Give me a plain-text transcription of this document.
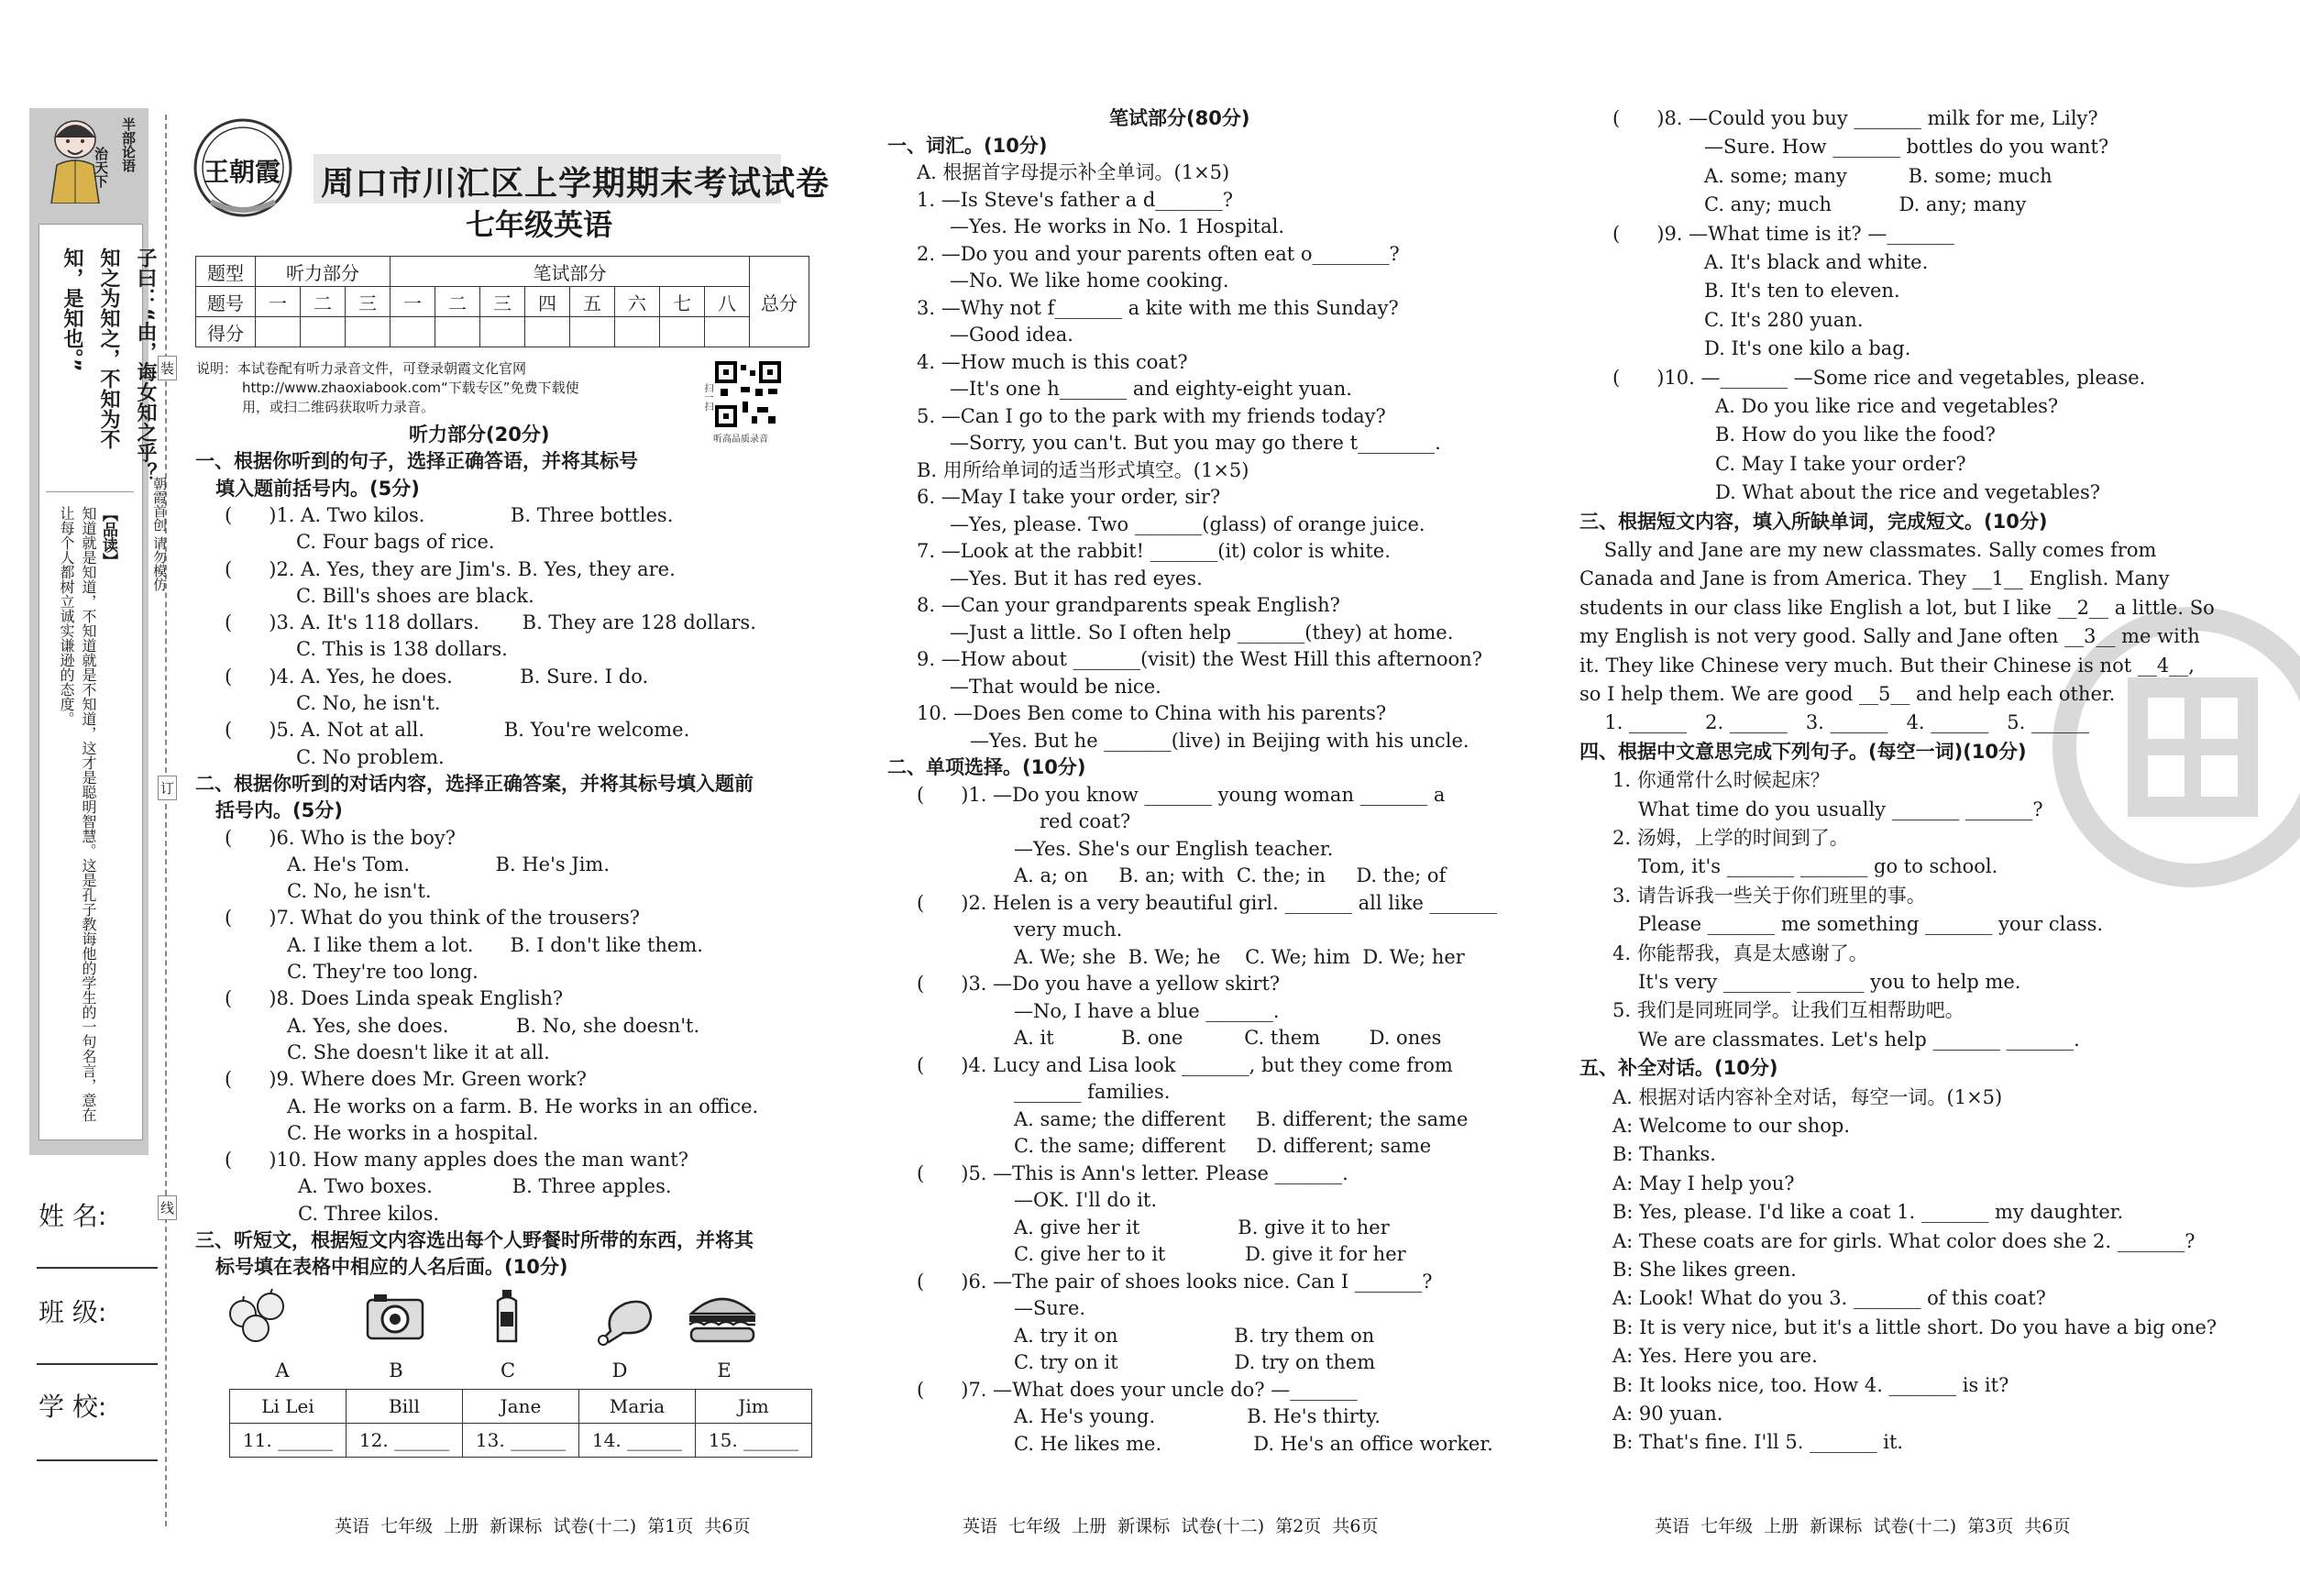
治天下 半部论语
子曰：“由，诲女知之乎？知之为知之，不知为不知，是知也。”
【品读】
知道就是知道，不知道就是不知道，这才是聪明智慧。这是孔子教诲他的学生的一句名言，意在让每个人都树立诚实谦逊的态度。
装
订
线
朝霞首创 请勿模仿
姓 名:
班 级:
学 校:
王朝霞 周口市川汇区上学期期末考试试卷
七年级英语
题型	听力部分			笔试部分								总分
题号	一	二	三	一	二	三	四	五	六	七	八	
得分												
说明：本试卷配有听力录音文件，可登录朝霞文化官网
http://www.zhaoxiabook.com“下载专区”免费下载使
用，或扫二维码获取听力录音。	扫一扫
听高品质录音
听力部分(20分)
一、根据你听到的句子，选择正确答语，并将其标号
填入题前括号内。(5分)
(      )1. A. Two kilos.              B. Three bottles.
C. Four bags of rice.
(      )2. A. Yes, they are Jim's. B. Yes, they are.
C. Bill's shoes are black.
(      )3. A. It's 118 dollars.       B. They are 128 dollars.
C. This is 138 dollars.
(      )4. A. Yes, he does.           B. Sure. I do.
C. No, he isn't.
(      )5. A. Not at all.             B. You're welcome.
C. No problem.
二、根据你听到的对话内容，选择正确答案，并将其标号填入题前
括号内。(5分)
(      )6. Who is the boy?
A. He's Tom.              B. He's Jim.
C. No, he isn't.
(      )7. What do you think of the trousers?
A. I like them a lot.      B. I don't like them.
C. They're too long.
(      )8. Does Linda speak English?
A. Yes, she does.           B. No, she doesn't.
C. She doesn't like it at all.
(      )9. Where does Mr. Green work?
A. He works on a farm. B. He works in an office.
C. He works in a hospital.
(      )10. How many apples does the man want?
A. Two boxes.             B. Three apples.
C. Three kilos.
三、听短文，根据短文内容选出每个人野餐时所带的东西，并将其
标号填在表格中相应的人名后面。(10分)
A	B	C	D	E
Li Lei	Bill	Jane	Maria	Jim
11. ______	12. ______	13. ______	14. ______	15. ______
笔试部分(80分)
一、词汇。(10分)
A. 根据首字母提示补全单词。(1×5)
1. —Is Steve's father a d_______?
—Yes. He works in No. 1 Hospital.
2. —Do you and your parents often eat o________?
—No. We like home cooking.
3. —Why not f_______ a kite with me this Sunday?
—Good idea.
4. —How much is this coat?
—It's one h_______ and eighty-eight yuan.
5. —Can I go to the park with my friends today?
—Sorry, you can't. But you may go there t________.
B. 用所给单词的适当形式填空。(1×5)
6. —May I take your order, sir?
—Yes, please. Two _______(glass) of orange juice.
7. —Look at the rabbit! _______(it) color is white.
—Yes. But it has red eyes.
8. —Can your grandparents speak English?
—Just a little. So I often help _______(they) at home.
9. —How about _______(visit) the West Hill this afternoon?
—That would be nice.
10. —Does Ben come to China with his parents?
—Yes. But he _______(live) in Beijing with his uncle.
二、单项选择。(10分)
(      )1. —Do you know _______ young woman _______ a
red coat?
—Yes. She's our English teacher.
A. a; on     B. an; with  C. the; in     D. the; of
(      )2. Helen is a very beautiful girl. _______ all like _______
very much.
A. We; she  B. We; he    C. We; him  D. We; her
(      )3. —Do you have a yellow skirt?
—No, I have a blue _______.
A. it           B. one          C. them        D. ones
(      )4. Lucy and Lisa look _______, but they come from
_______ families.
A. same; the different     B. different; the same
C. the same; different     D. different; same
(      )5. —This is Ann's letter. Please _______.
—OK. I'll do it.
A. give her it                B. give it to her
C. give her to it             D. give it for her
(      )6. —The pair of shoes looks nice. Can I _______?
—Sure.
A. try it on                   B. try them on
C. try on it                   D. try on them
(      )7. —What does your uncle do? —_______
A. He's young.               B. He's thirty.
C. He likes me.               D. He's an office worker.
(      )8. —Could you buy _______ milk for me, Lily?
—Sure. How _______ bottles do you want?
C. any; much           D. any; many
(      )9. —What time is it? —_______
A. It's black and white.
B. It's ten to eleven.
C. It's 280 yuan.
D. It's one kilo a bag.
(      )10. —_______ —Some rice and vegetables, please.
A. Do you like rice and vegetables?
B. How do you like the food?
C. May I take your order?
D. What about the rice and vegetables?
三、根据短文内容，填入所缺单词，完成短文。(10分)
Sally and Jane are my new classmates. Sally comes from
Canada and Jane is from America. They __1__ English. Many
students in our class like English a lot, but I like __2__ a little. So
my English is not very good. Sally and Jane often __3__ me with
it. They like Chinese very much. But their Chinese is not __4__,
so I help them. We are good __5__ and help each other.
1. ______   2. ______   3. ______   4. ______   5. ______
四、根据中文意思完成下列句子。(每空一词)(10分)
1. 你通常什么时候起床？
What time do you usually _______ _______?
2. 汤姆，上学的时间到了。
Tom, it's _______ _______ go to school.
3. 请告诉我一些关于你们班里的事。
Please _______ me something _______ your class.
4. 你能帮我，真是太感谢了。
It's very _______ _______ you to help me.
5. 我们是同班同学。让我们互相帮助吧。
We are classmates. Let's help _______ _______.
五、补全对话。(10分)
A. 根据对话内容补全对话，每空一词。(1×5)
A: Welcome to our shop.
B: Thanks.
A: May I help you?
B: Yes, please. I'd like a coat 1. _______ my daughter.
A: These coats are for girls. What color does she 2. _______?
B: She likes green.
A: Look! What do you 3. _______ of this coat?
B: It is very nice, but it's a little short. Do you have a big one?
A: Yes. Here you are.
B: It looks nice, too. How 4. _______ is it?
A: 90 yuan.
B: That's fine. I'll 5. _______ it.
A. some; many          B. some; much
英语  七年级  上册  新课标  试卷(十二)  第1页  共6页	英语  七年级  上册  新课标  试卷(十二)  第2页  共6页	英语  七年级  上册  新课标  试卷(十二)  第3页  共6页
